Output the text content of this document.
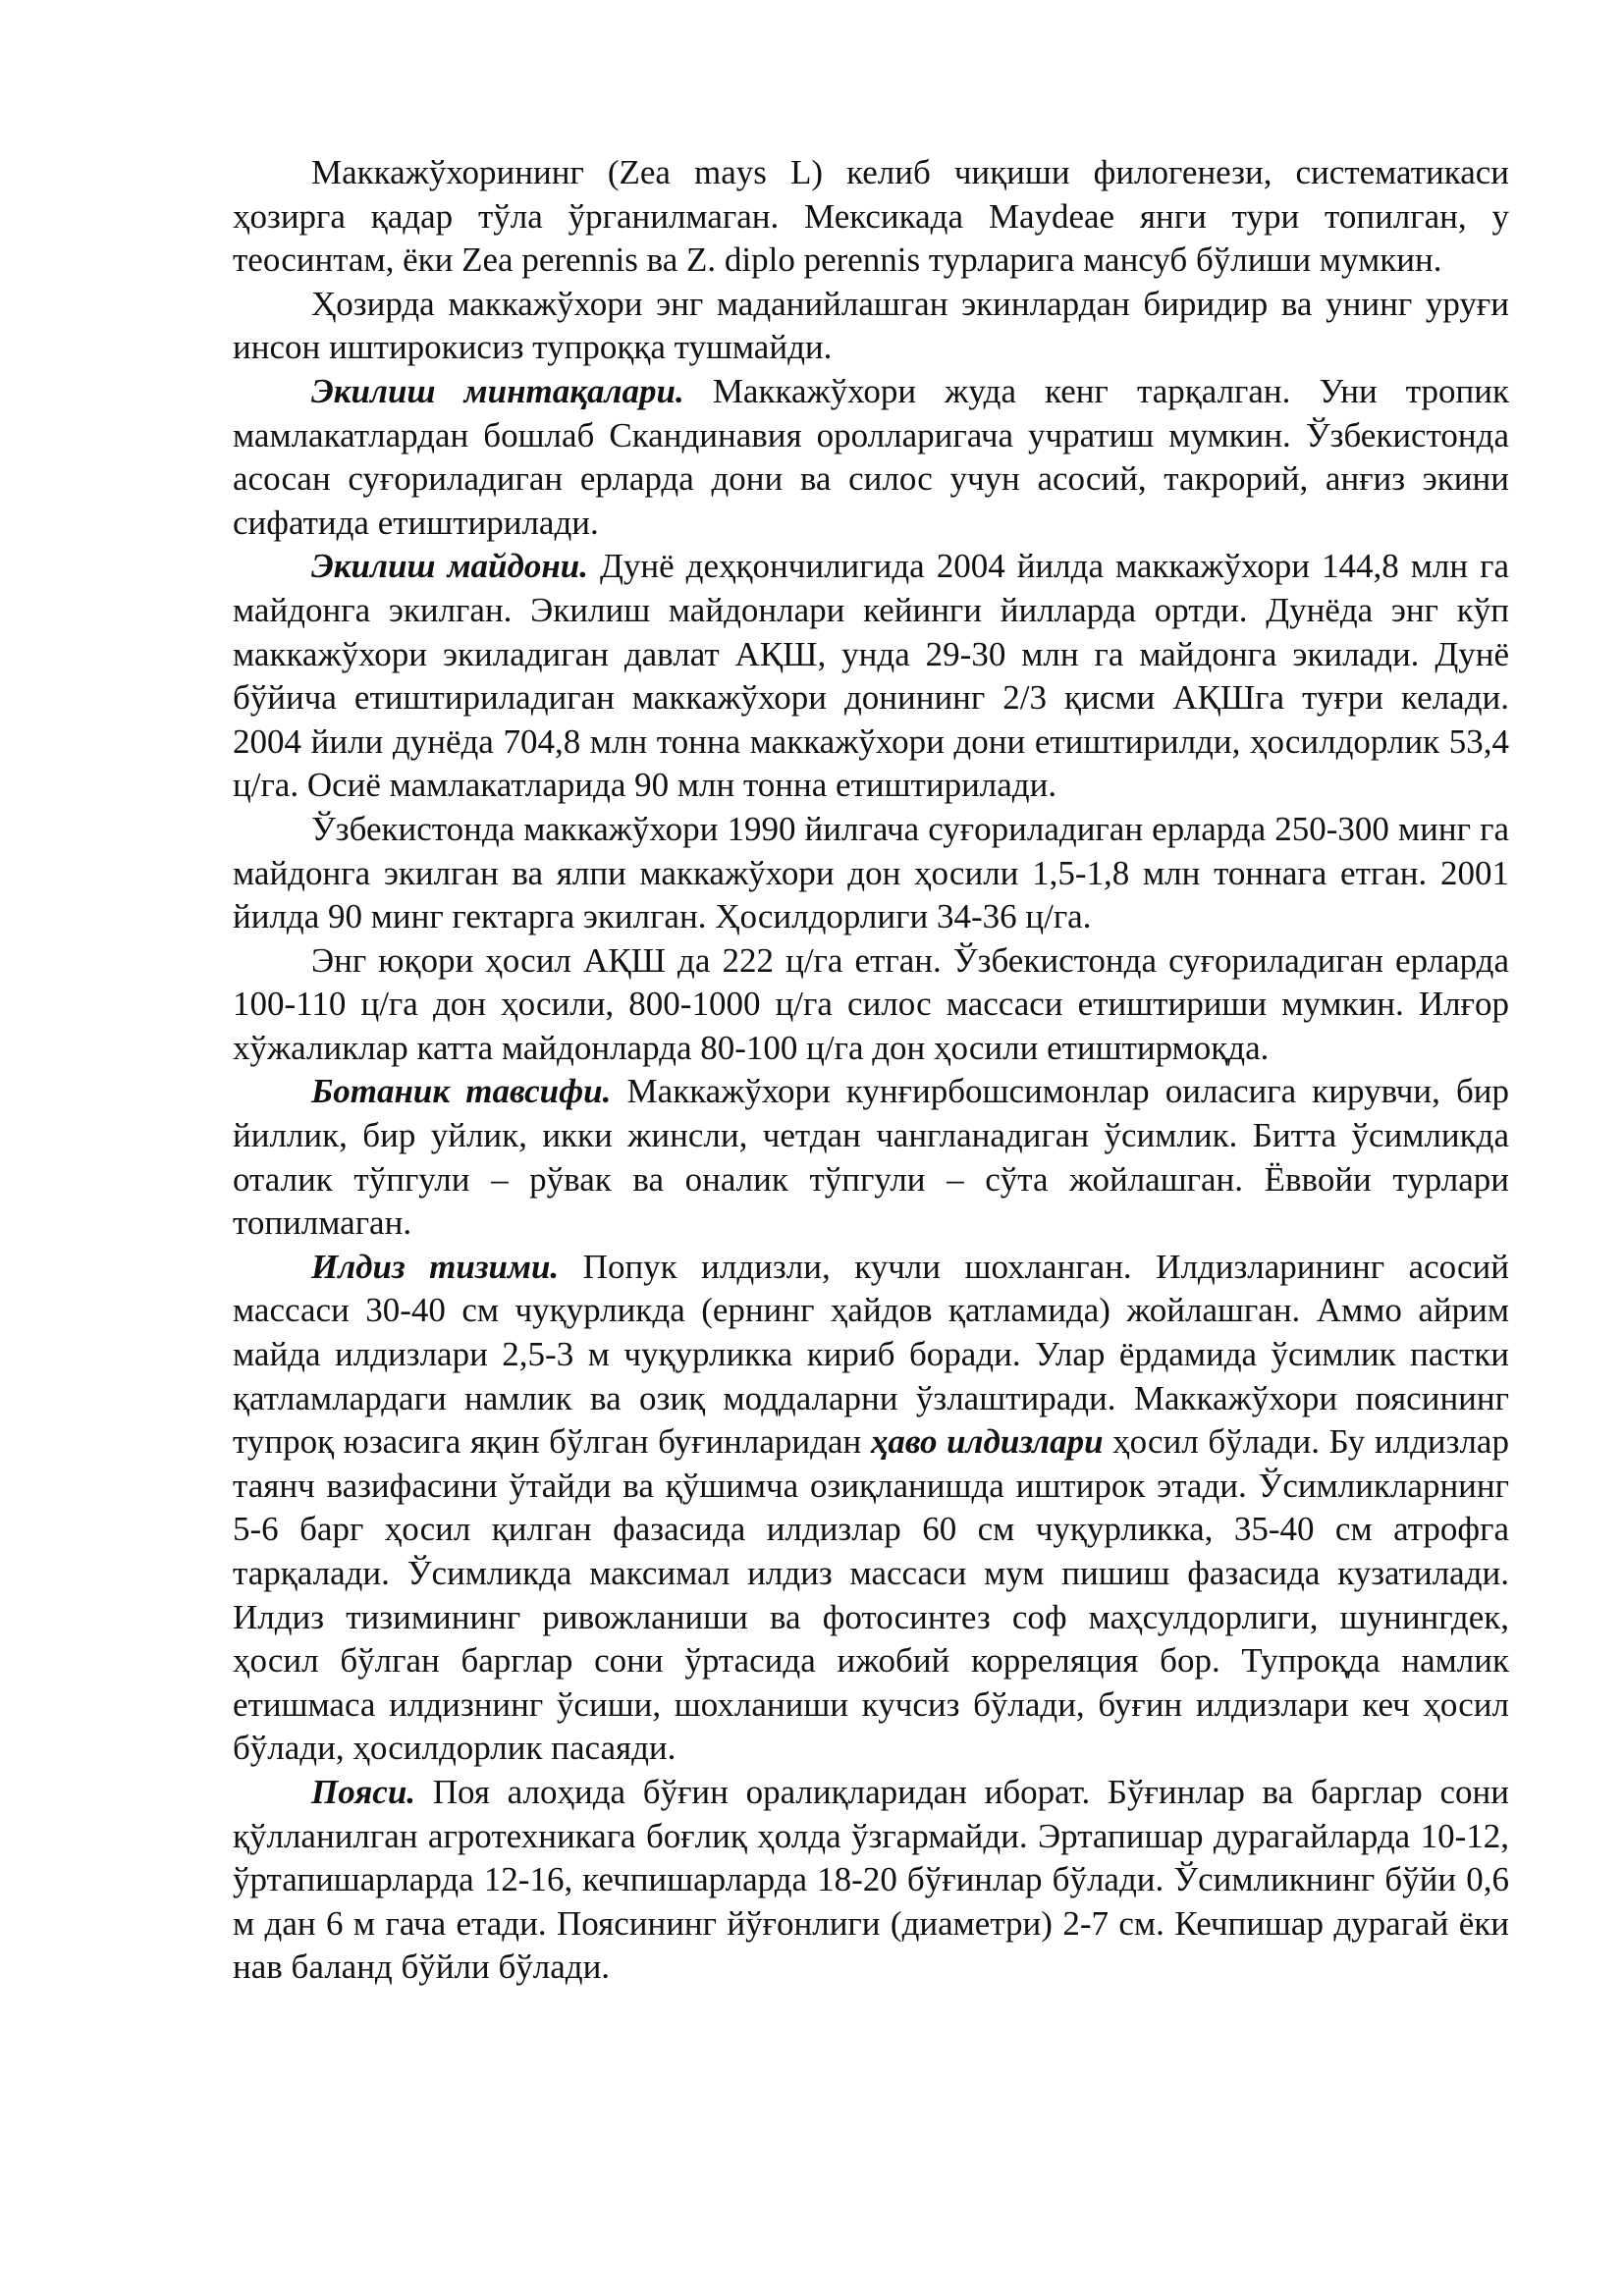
Маккажўхорининг (Zea mays L) келиб чиқиши филогенези, систематикаси ҳозирга қадар тўла ўрганилмаган. Мексикада Maydeae янги тури топилган, у теосинтам, ёки Zea perennis ва Z. diplo perennis турларига мансуб бўлиши мумкин.

Ҳозирда маккажўхори энг маданийлашган экинлардан биридир ва унинг уруғи инсон иштирокисиз тупроққа тушмайди.

Экилиш минтақалари. Маккажўхори жуда кенг тарқалган. Уни тропик мамлакатлардан бошлаб Скандинавия оролларигача учратиш мумкин. Ўзбекистонда асосан суғориладиган ерларда дони ва силос учун асосий, такрорий, анғиз экини сифатида етиштирилади.

Экилиш майдони. Дунё деҳқончилигида 2004 йилда маккажўхори 144,8 млн га майдонга экилган. Экилиш майдонлари кейинги йилларда ортди. Дунёда энг кўп маккажўхори экиладиган давлат АҚШ, унда 29-30 млн га майдонга экилади. Дунё бўйича етиштириладиган маккажўхори донининг 2/3 қисми АҚШга туғри келади. 2004 йили дунёда 704,8 млн тонна маккажўхори дони етиштирилди, ҳосилдорлик 53,4 ц/га. Осиё мамлакатларида 90 млн тонна етиштирилади.

Ўзбекистонда маккажўхори 1990 йилгача суғориладиган ерларда 250-300 минг га майдонга экилган ва ялпи маккажўхори дон ҳосили 1,5-1,8 млн тоннага етган. 2001 йилда 90 минг гектарга экилган. Ҳосилдорлиги 34-36 ц/га.

Энг юқори ҳосил АҚШ да 222 ц/га етган. Ўзбекистонда суғориладиган ерларда 100-110 ц/га дон ҳосили, 800-1000 ц/га силос массаси етиштириши мумкин. Илғор хўжаликлар катта майдонларда 80-100 ц/га дон ҳосили етиштирмоқда.

Ботаник тавсифи. Маккажўхори кунғирбошсимонлар оиласига кирувчи, бир йиллик, бир уйлик, икки жинсли, четдан чангланадиган ўсимлик. Битта ўсимликда оталик тўпгули – рўвак ва оналик тўпгули – сўта жойлашган. Ёввойи турлари топилмаган.

Илдиз тизими. Попук илдизли, кучли шохланган. Илдизларининг асосий массаси 30-40 см чуқурликда (ернинг ҳайдов қатламида) жойлашган. Аммо айрим майда илдизлари 2,5-3 м чуқурликка кириб боради. Улар ёрдамида ўсимлик пастки қатламлардаги намлик ва озиқ моддаларни ўзлаштиради. Маккажўхори поясининг тупроқ юзасига яқин бўлган буғинларидан ҳаво илдизлари ҳосил бўлади. Бу илдизлар таянч вазифасини ўтайди ва қўшимча озиқланишда иштирок этади. Ўсимликларнинг 5-6 барг ҳосил қилган фазасида илдизлар 60 см чуқурликка, 35-40 см атрофга тарқалади. Ўсимликда максимал илдиз массаси мум пишиш фазасида кузатилади. Илдиз тизимининг ривожланиши ва фотосинтез соф маҳсулдорлиги, шунингдек, ҳосил бўлган барглар сони ўртасида ижобий корреляция бор. Тупроқда намлик етишмаса илдизнинг ўсиши, шохланиши кучсиз бўлади, буғин илдизлари кеч ҳосил бўлади, ҳосилдорлик пасаяди.

Пояси. Поя алоҳида бўғин оралиқларидан иборат. Бўғинлар ва барглар сони қўлланилган агротехникага боғлиқ ҳолда ўзгармайди. Эртапишар дурагайларда 10-12, ўртапишарларда 12-16, кечпишарларда 18-20 бўғинлар бўлади. Ўсимликнинг бўйи 0,6 м дан 6 м гача етади. Поясининг йўғонлиги (диаметри) 2-7 см. Кечпишар дурагай ёки нав баланд бўйли бўлади.
